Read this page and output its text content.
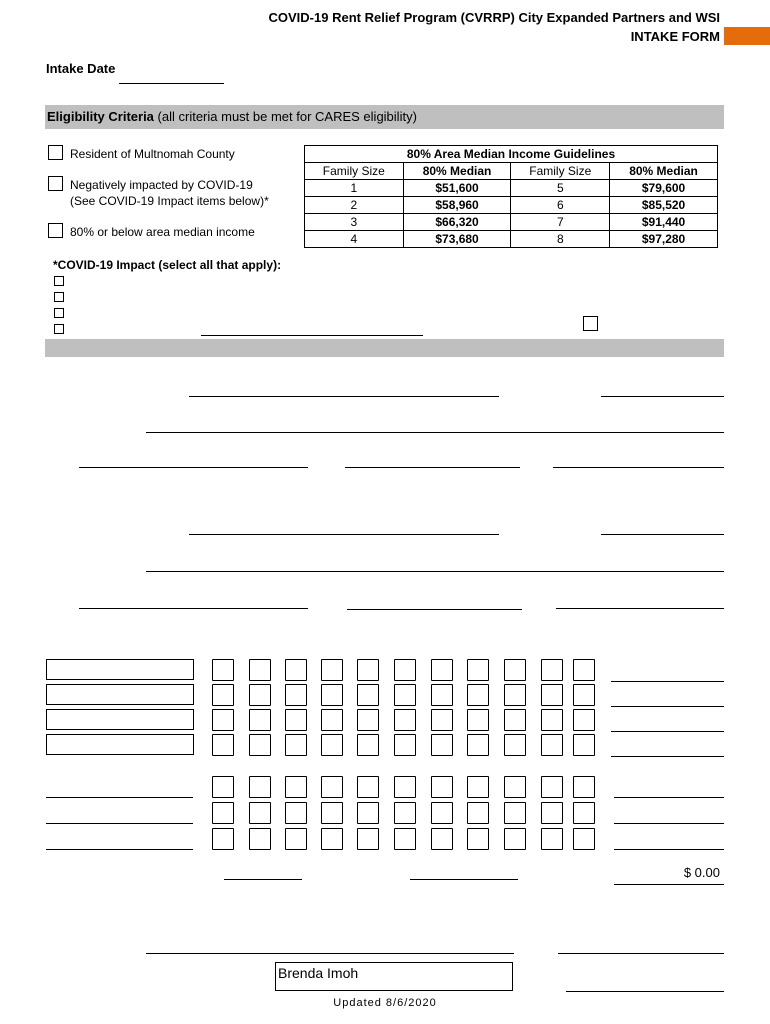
COVID-19 Rent Relief Program (CVRRP) City Expanded Partners and WSI
INTAKE FORM
Intake Date
Eligibility Criteria (all criteria must be met for CARES eligibility)
Resident of Multnomah County
Negatively impacted by COVID-19
(See COVID-19 Impact items below)*
80% or below area median income
80% Area Median Income Guidelines			
Family Size	80% Median	Family Size	80% Median
1	$51,600	5	$79,600
2	$58,960	6	$85,520
3	$66,320	7	$91,440
4	$73,680	8	$97,280
*COVID-19 Impact (select all that apply):
$ 0.00
Brenda Imoh
Updated 8/6/2020
